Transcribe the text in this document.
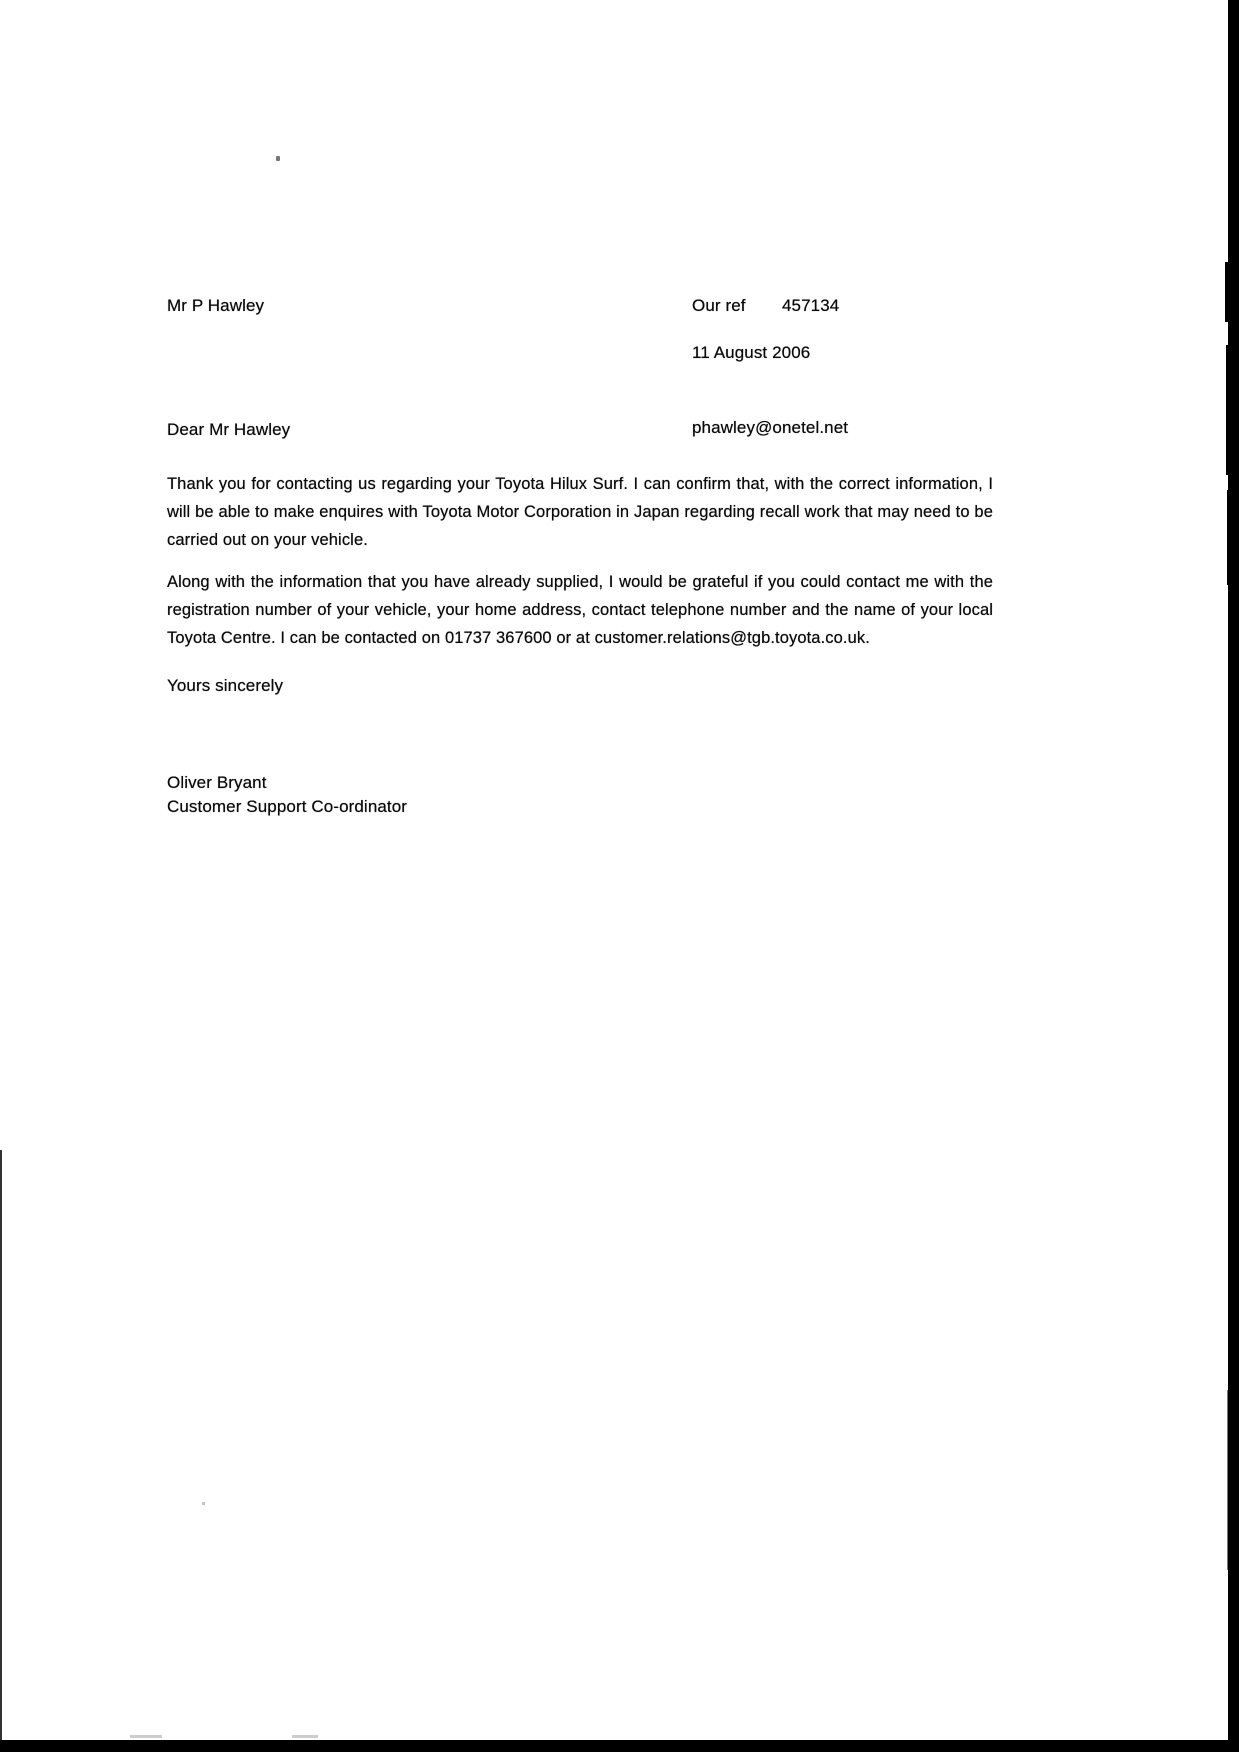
Mr P Hawley	Our ref 457134
11 August 2006
Dear Mr Hawley	phawley@onetel.net
Thank you for contacting us regarding your Toyota Hilux Surf. I can confirm that, with the correct information, I will be able to make enquires with Toyota Motor Corporation in Japan regarding recall work that may need to be carried out on your vehicle.
Along with the information that you have already supplied, I would be grateful if you could contact me with the registration number of your vehicle, your home address, contact telephone number and the name of your local Toyota Centre. I can be contacted on 01737 367600 or at customer.relations@tgb.toyota.co.uk.
Yours sincerely
Oliver Bryant
Customer Support Co-ordinator
